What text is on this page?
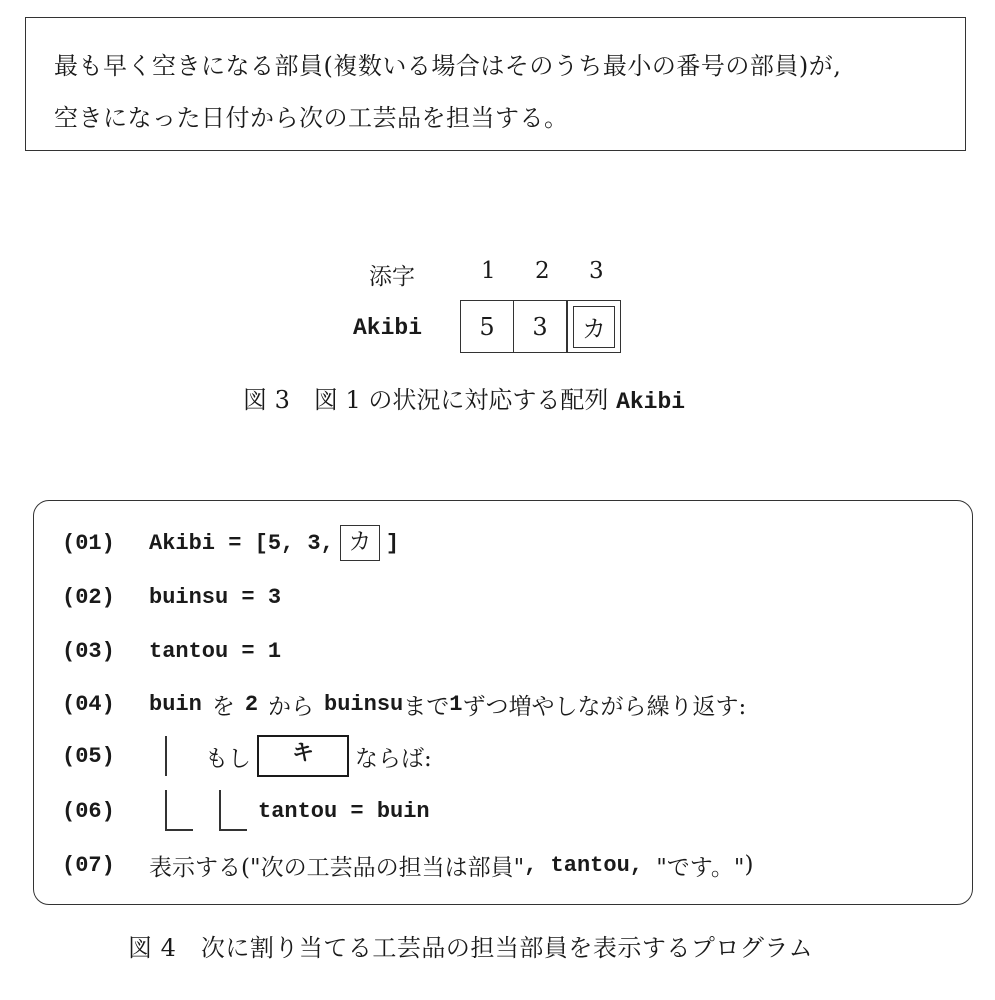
最も早く空きになる部員(複数いる場合はそのうち最小の番号の部員)が,

空きになった日付から次の工芸品を担当する。

添字	1 2 3
Akibi	5	3	カ
図 3　図 1 の状況に対応する配列 Akibi
(01)	Akibi = [5, 3, カ ]
(02)	buinsu = 3
(03)	tantou = 1
(04)	buin を 2 から buinsu まで 1 ずつ増やしながら繰り返す:
(05)	もし	キ	ならば:
(06)	tantou = buin
(07)	表示する( "次の工芸品の担当は部員" , tantou, "です。" )
図 4　次に割り当てる工芸品の担当部員を表示するプログラム
